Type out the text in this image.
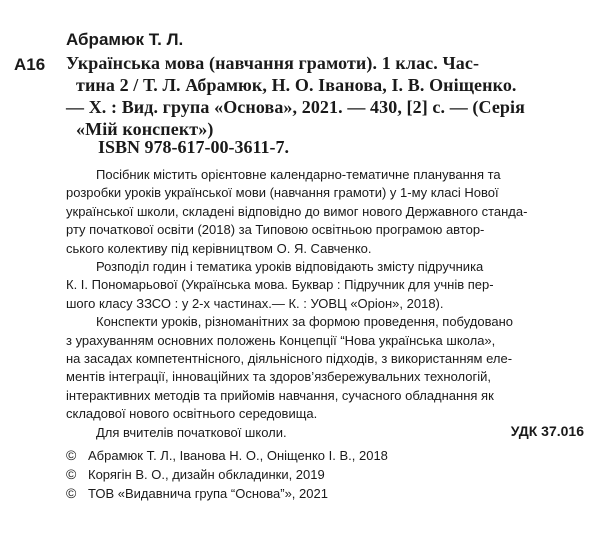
Абрамюк Т. Л.
А16 Українська мова (навчання грамоти). 1 клас. Час-
тина 2 / Т. Л. Абрамюк, Н. О. Іванова, І. В. Оніщенко.
— Х. : Вид. група «Основа», 2021. — 430, [2] с. — (Серія
«Мій конспект»)
ISBN 978-617-00-3611-7.
Посібник містить орієнтовне календарно-тематичне планування та
розробки уроків української мови (навчання грамоти) у 1-му класі Нової
української школи, складені відповідно до вимог нового Державного станда-
рту початкової освіти (2018) за Типовою освітньою програмою автор-
ського колективу під керівництвом О. Я. Савченко.
Розподіл годин і тематика уроків відповідають змісту підручника
К. І. Пономарьової (Українська мова. Буквар : Підручник для учнів пер-
шого класу ЗЗСО : у 2-х частинах.— К. : УОВЦ «Оріон», 2018).
Конспекти уроків, різноманітних за формою проведення, побудовано
з урахуванням основних положень Концепції “Нова українська школа»,
на засадах компетентнісного, діяльнісного підходів, з використанням еле-
ментів інтеграції, інноваційних та здоров’язбережувальних технологій,
інтерактивних методів та прийомів навчання, сучасного обладнання як
складової нового освітнього середовища.
Для вчителів початкової школи.	УДК 37.016
© Абрамюк Т. Л., Іванова Н. О., Оніщенко І. В., 2018
© Корягін В. О., дизайн обкладинки, 2019
© ТОВ «Видавнича група “Основа”», 2021
